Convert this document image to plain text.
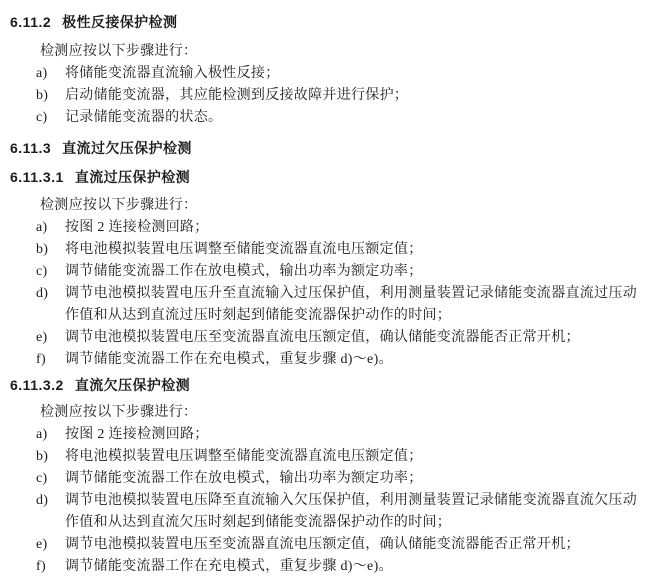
6.11.2 极性反接保护检测

检测应按以下步骤进行：

a)	将储能变流器直流输入极性反接；
b)	启动储能变流器，其应能检测到反接故障并进行保护；
c)	记录储能变流器的状态。
6.11.3 直流过欠压保护检测
6.11.3.1 直流过压保护检测

检测应按以下步骤进行：

a)	按图 2 连接检测回路；
b)	将电池模拟装置电压调整至储能变流器直流电压额定值；
c)	调节储能变流器工作在放电模式，输出功率为额定功率；
d)	调节电池模拟装置电压升至直流输入过压保护值，利用测量装置记录储能变流器直流过压动作值和从达到直流过压时刻起到储能变流器保护动作的时间；
e)	调节电池模拟装置电压至变流器直流电压额定值，确认储能变流器能否正常开机；
f)	调节储能变流器工作在充电模式，重复步骤 d)～e)。
6.11.3.2 直流欠压保护检测

检测应按以下步骤进行：

a)	按图 2 连接检测回路；
b)	将电池模拟装置电压调整至储能变流器直流电压额定值；
c)	调节储能变流器工作在放电模式，输出功率为额定功率；
d)	调节电池模拟装置电压降至直流输入欠压保护值，利用测量装置记录储能变流器直流欠压动作值和从达到直流欠压时刻起到储能变流器保护动作的时间；
e)	调节电池模拟装置电压至变流器直流电压额定值，确认储能变流器能否正常开机；
f)	调节储能变流器工作在充电模式，重复步骤 d)～e)。
